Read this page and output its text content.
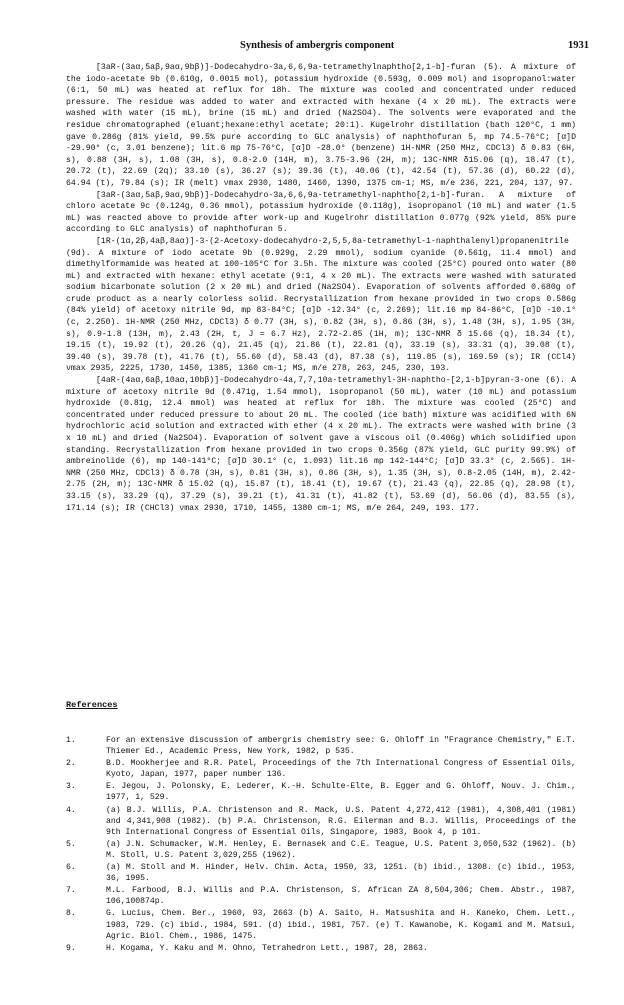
Synthesis of ambergris component	1931

[3aR-(3aα,5aβ,9aα,9bβ)]-Dodecahydro-3a,6,6,9a-tetramethylnaphtho[2,1-b]-furan (5). A mixture of the iodo-acetate 9b (0.610g, 0.0015 mol), potassium hydroxide (0.593g, 0.009 mol) and isopropanol:water (6:1, 50 mL) was heated at reflux for 18h. The mixture was cooled and concentrated under reduced pressure. The residue was added to water and extracted with hexane (4 x 20 mL). The extracts were washed with water (15 mL), brine (15 mL) and dried (Na2SO4). The solvents were evaporated and the residue chromatographed (eluant;hexane:ethyl acetate; 20:1). Kugelrohr distillation (bath 120°C, 1 mm) gave 0.286g (81% yield, 99.5% pure according to GLC analysis) of naphthofuran 5, mp 74.5-76°C; [α]D -29.90° (c, 3.01 benzene); lit.6 mp 75-76°C, [α]D -28.0° (benzene) 1H-NMR (250 MHz, CDCl3) δ 0.83 (6H, s), 0.88 (3H, s), 1.08 (3H, s), 0.8-2.0 (14H, m), 3.75-3.96 (2H, m); 13C-NMR δ15.06 (q), 18.47 (t), 20.72 (t), 22.69 (2q); 33.10 (s), 36.27 (s); 39.36 (t), 40.06 (t), 42.54 (t), 57.36 (d), 60.22 (d), 64.94 (t), 79.84 (s); IR (melt) νmax 2930, 1480, 1460, 1390, 1375 cm-1; MS, m/e 236, 221, 204, 137, 97.

[3aR-(3aα,5aβ,9aα,9bβ)]-Dodecahydro-3a,6,6,9a-tetramethyl-naphtho[2,1-b]-furan. A mixture of chloro acetate 9c (0.124g, 0.36 mmol), potassium hydroxide (0.118g), isopropanol (10 mL) and water (1.5 mL) was reacted above to provide after work-up and Kugelrohr distillation 0.077g (92% yield, 85% pure according to GLC analysis) of naphthofuran 5.

[1R-(1α,2β,4aβ,8aα)]-3-(2-Acetoxy-dodecahydro-2,5,5,8a-tetramethyl-1-naphthalenyl)propanenitrile (9d). A mixture of iodo acetate 9b (0.929g, 2.29 mmol), sodium cyanide (0.561g, 11.4 mmol) and dimethylformamide was heated at 100-105°C for 3.5h. The mixture was cooled (25°C) poured onto water (80 mL) and extracted with hexane: ethyl acetate (9:1, 4 x 20 mL). The extracts were washed with saturated sodium bicarbonate solution (2 x 20 mL) and dried (Na2SO4). Evaporation of solvents afforded 0.680g of crude product as a nearly colorless solid. Recrystallization from hexane provided in two crops 0.586g (84% yield) of acetoxy nitrile 9d, mp 83-84°C; [α]D -12.34° (c, 2.269); lit.16 mp 84-86°C, [α]D -10.1° (c, 2.250). 1H-NMR (250 MHz, CDCl3) δ 0.77 (3H, s), 0.82 (3H, s), 0.86 (3H, s), 1.48 (3H, s), 1.95 (3H, s), 0.9-1.8 (13H, m), 2.43 (2H, t, J = 6.7 Hz), 2.72-2.85 (1H, m); 13C-NMR δ 15.66 (q), 18.34 (t), 19.15 (t), 19.92 (t), 20.26 (q), 21.45 (q), 21.86 (t), 22.81 (q), 33.19 (s), 33.31 (q), 39.08 (t), 39.40 (s), 39.78 (t), 41.76 (t), 55.60 (d), 58.43 (d), 87.38 (s), 119.85 (s), 169.59 (s); IR (CCl4) νmax 2935, 2225, 1730, 1450, 1385, 1360 cm-1; MS, m/e 278, 263, 245, 230, 193.

[4aR-(4aα,6aβ,10aα,10bβ)]-Dodecahydro-4a,7,7,10a-tetramethyl-3H-naphtho-[2,1-b]pyran-3-one (6). A mixture of acetoxy nitrile 9d (0.471g, 1.54 mmol), isopropanol (50 mL), water (10 mL) and potassium hydroxide (0.81g, 12.4 mmol) was heated at reflux for 18h. The mixture was cooled (25°C) and concentrated under reduced pressure to about 20 mL. The cooled (ice bath) mixture was acidified with 6N hydrochloric acid solution and extracted with ether (4 x 20 mL). The extracts were washed with brine (3 x 10 mL) and dried (Na2SO4). Evaporation of solvent gave a viscous oil (0.406g) which solidified upon standing. Recrystallization from hexane provided in two crops 0.356g (87% yield, GLC purity 99.9%) of ambreinolide (6), mp 140-141°C; [α]D 30.1° (c, 1.093) lit.16 mp 142-144°C; [α]D 33.3° (c, 2.565). 1H-NMR (250 MHz, CDCl3) δ 0.78 (3H, s), 0.81 (3H, s), 0.86 (3H, s), 1.35 (3H, s), 0.8-2.05 (14H, m), 2.42-2.75 (2H, m); 13C-NMR δ 15.02 (q), 15.87 (t), 18.41 (t), 19.67 (t), 21.43 (q), 22.85 (q), 28.98 (t), 33.15 (s), 33.29 (q), 37.29 (s), 39.21 (t), 41.31 (t), 41.82 (t), 53.69 (d), 56.06 (d), 83.55 (s), 171.14 (s); IR (CHCl3) νmax 2930, 1710, 1455, 1380 cm-1; MS, m/e 264, 249, 193. 177.

References
1.	For an extensive discussion of ambergris chemistry see: G. Ohloff in "Fragrance Chemistry," E.T. Thiemer Ed., Academic Press, New York, 1982, p 535.
2.	B.D. Mookherjee and R.R. Patel, Proceedings of the 7th International Congress of Essential Oils, Kyoto, Japan, 1977, paper number 136.
3.	E. Jegou, J. Polonsky, E. Lederer, K.-H. Schulte-Elte, B. Egger and G. Ohloff, Nouv. J. Chim., 1977, 1, 529.
4.	(a) B.J. Willis, P.A. Christenson and R. Mack, U.S. Patent 4,272,412 (1981), 4,308,401 (1981) and 4,341,908 (1982). (b) P.A. Christenson, R.G. Eilerman and B.J. Willis, Proceedings of the 9th International Congress of Essential Oils, Singapore, 1983, Book 4, p 101.
5.	(a) J.N. Schumacker, W.M. Henley, E. Bernasek and C.E. Teague, U.S. Patent 3,050,532 (1962). (b) M. Stoll, U.S. Patent 3,029,255 (1962).
6.	(a) M. Stoll and M. Hinder, Helv. Chim. Acta, 1950, 33, 1251. (b) ibid., 1308. (c) ibid., 1953, 36, 1995.
7.	M.L. Farbood, B.J. Willis and P.A. Christenson, S. African ZA 8,504,306; Chem. Abstr., 1987, 106,100874p.
8.	G. Lucius, Chem. Ber., 1960, 93, 2663 (b) A. Saito, H. Matsushita and H. Kaneko, Chem. Lett., 1983, 729. (c) ibid., 1984, 591. (d) ibid., 1981, 757. (e) T. Kawanobe, K. Kogami and M. Matsui, Agric. Biol. Chem., 1986, 1475.
9.	H. Kogama, Y. Kaku and M. Ohno, Tetrahedron Lett., 1987, 28, 2863.
